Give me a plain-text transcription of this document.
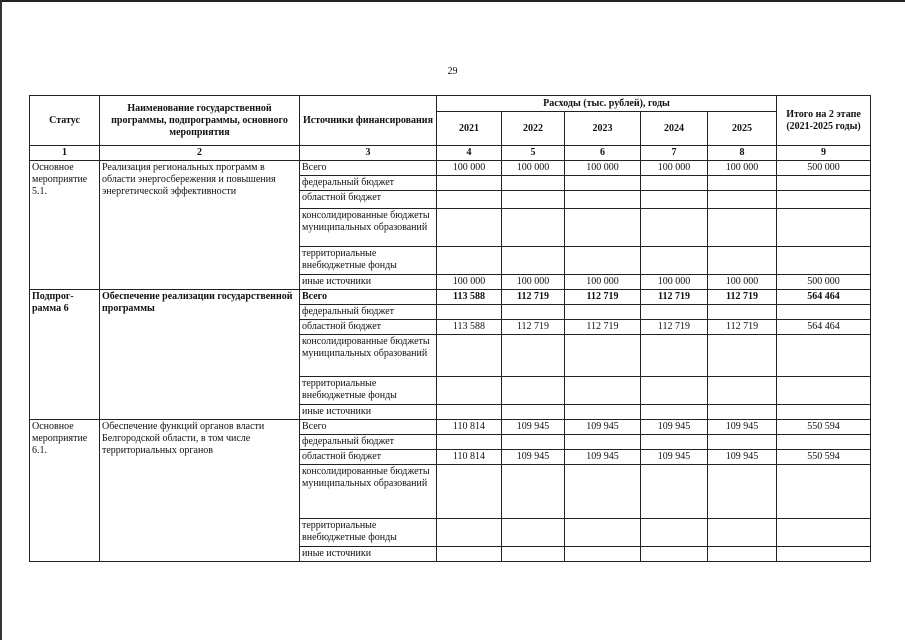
29
Статус	Наименование государственной программы, подпрограммы, основного мероприятия	Источники финансирования	Расходы (тыс. рублей), годы					Итого на 2 этапе (2021-2025 годы)
			2021	2022	2023	2024	2025	
1	2	3	4	5	6	7	8	9
Основное мероприятие 5.1.	Реализация региональных программ в области энергосбережения и повышения энергетической эффективности	Всего	100 000	100 000	100 000	100 000	100 000	500 000
		федеральный бюджет						
		областной бюджет						
		консолидированные бюджеты муниципальных образований						
		территориальные внебюджетные фонды						
		иные источники	100 000	100 000	100 000	100 000	100 000	500 000
Подпрог-рамма 6	Обеспечение реализации государственной программы	Всего	113 588	112 719	112 719	112 719	112 719	564 464
		федеральный бюджет						
		областной бюджет	113 588	112 719	112 719	112 719	112 719	564 464
		консолидированные бюджеты муниципальных образований						
		территориальные внебюджетные фонды						
		иные источники						
Основное мероприятие 6.1.	Обеспечение функций органов власти Белгородской области, в том числе территориальных органов	Всего	110 814	109 945	109 945	109 945	109 945	550 594
		федеральный бюджет						
		областной бюджет	110 814	109 945	109 945	109 945	109 945	550 594
		консолидированные бюджеты муниципальных образований						
		территориальные внебюджетные фонды						
		иные источники						
